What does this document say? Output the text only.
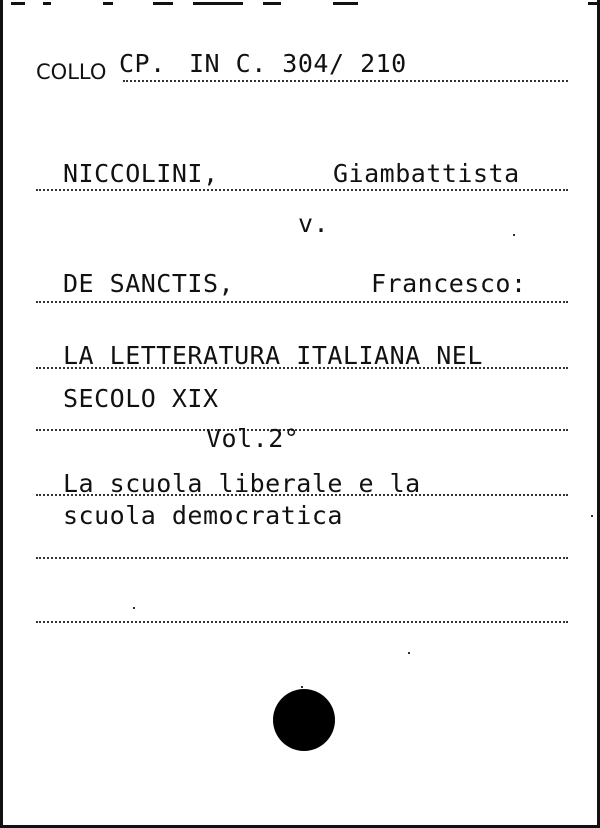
COLLO CP. IN C. 304/ 210
NICCOLINI,	Giambattista
v.
DE SANCTIS,	Francesco:
LA LETTERATURA ITALIANA NEL
SECOLO XIX
Vol.2°
La scuola liberale e la
scuola democratica
